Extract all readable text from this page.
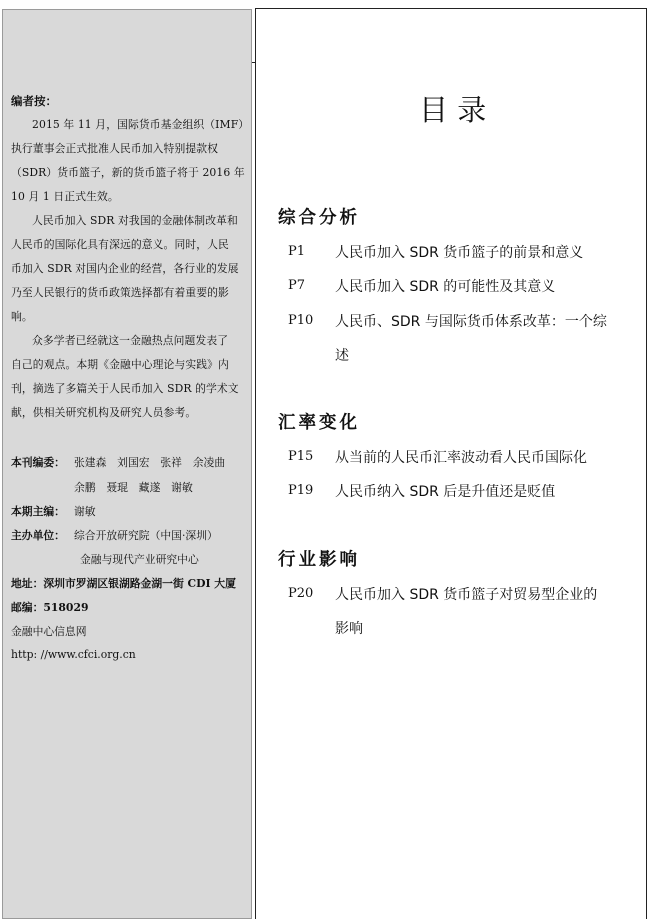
编者按：
2015 年 11 月，国际货币基金组织（IMF）
执行董事会正式批准人民币加入特别提款权
（SDR）货币篮子，新的货币篮子将于 2016 年
10 月 1 日正式生效。
人民币加入 SDR 对我国的金融体制改革和
人民币的国际化具有深远的意义。同时，人民
币加入 SDR 对国内企业的经营，各行业的发展
乃至人民银行的货币政策选择都有着重要的影
响。
众多学者已经就这一金融热点问题发表了
自己的观点。本期《金融中心理论与实践》内
刊，摘选了多篇关于人民币加入 SDR 的学术文
献，供相关研究机构及研究人员参考。
本刊编委： 张建森　刘国宏　张祥　余凌曲
余鹏　聂琨　藏遂　谢敏
本期主编： 谢敏
主办单位： 综合开放研究院（中国·深圳）
金融与现代产业研究中心
地址：深圳市罗湖区银湖路金湖一街 CDI 大厦
邮编：518029
金融中心信息网
http: //www.cfci.org.cn
目 录
综合分析
P1 人民币加入 SDR 货币篮子的前景和意义
P7 人民币加入 SDR 的可能性及其意义
P10 人民币、SDR 与国际货币体系改革：一个综
述
汇率变化
P15 从当前的人民币汇率波动看人民币国际化
P19 人民币纳入 SDR 后是升值还是贬值
行业影响
P20 人民币加入 SDR 货币篮子对贸易型企业的
影响
